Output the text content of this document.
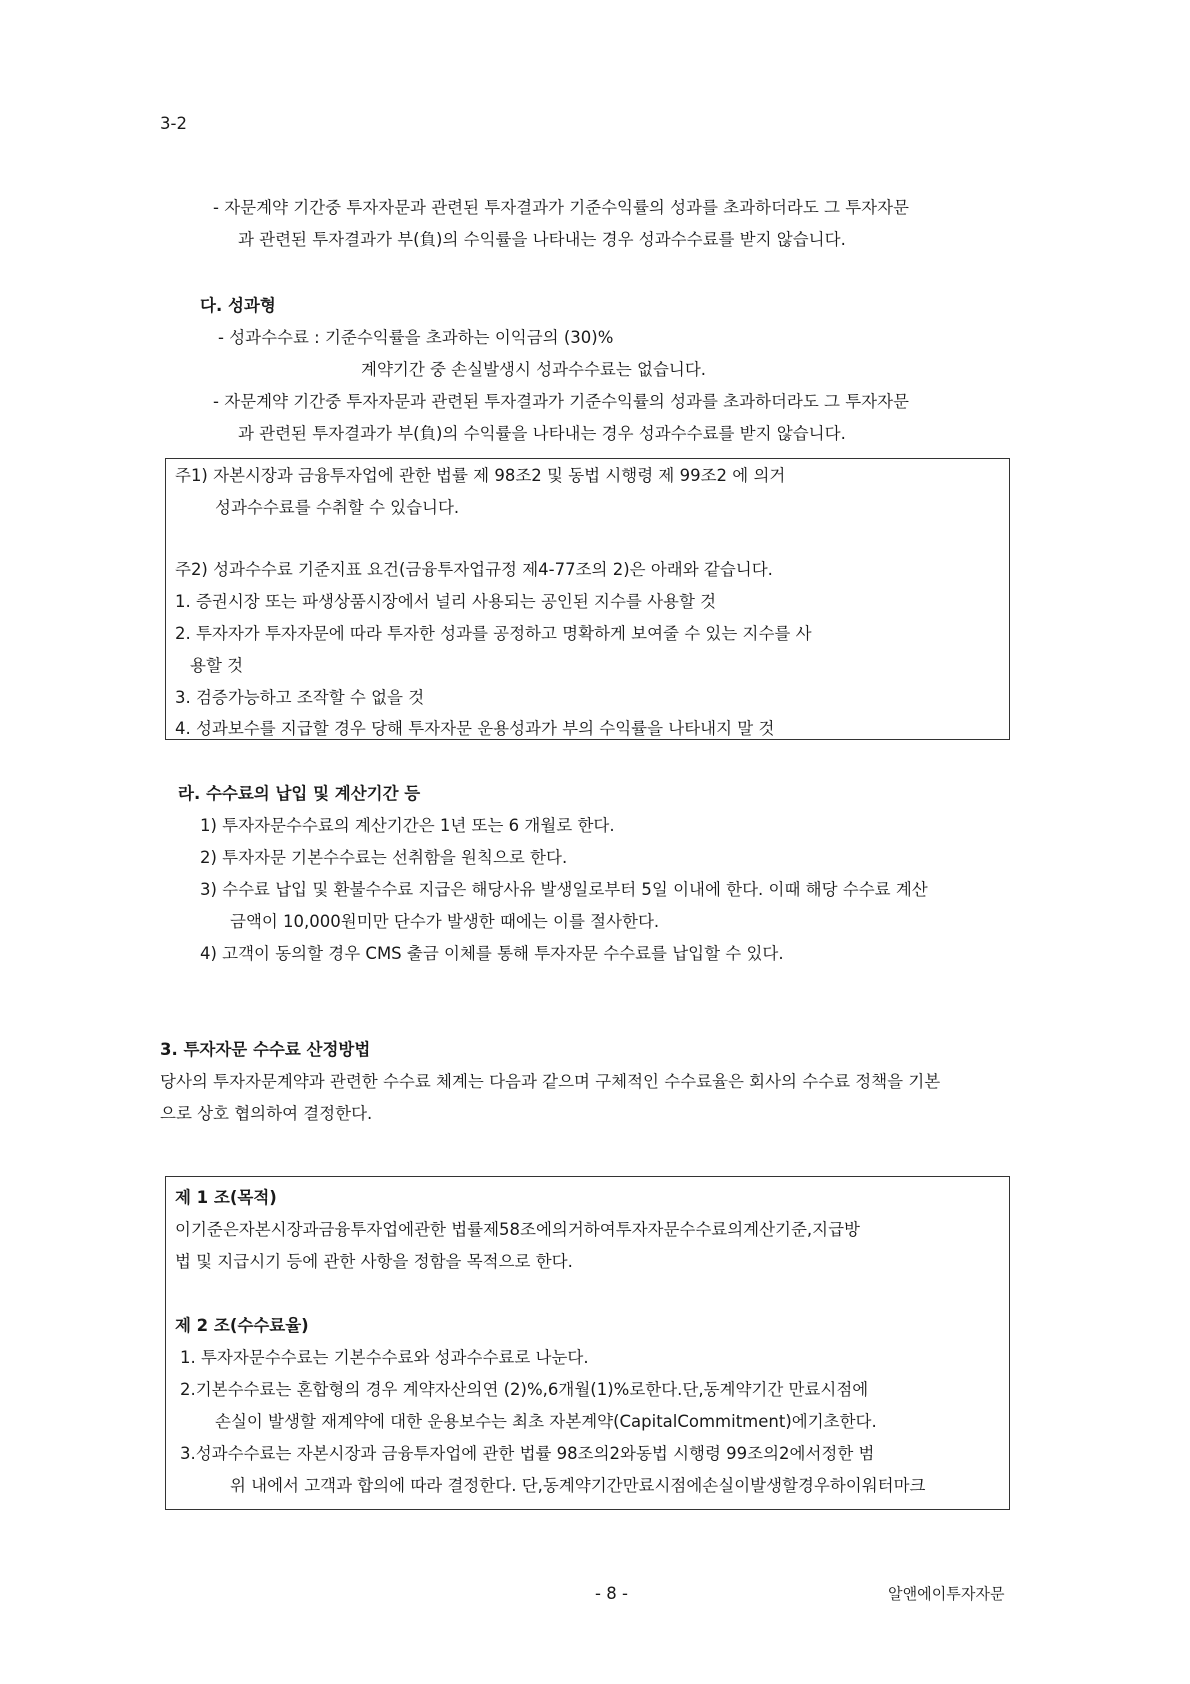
3-2
- 자문계약 기간중 투자자문과 관련된 투자결과가 기준수익률의 성과를 초과하더라도 그 투자자문
과 관련된 투자결과가 부(負)의 수익률을 나타내는 경우 성과수수료를 받지 않습니다.
다. 성과형
- 성과수수료 : 기준수익률을 초과하는 이익금의 (30)%
계약기간 중 손실발생시 성과수수료는 없습니다.
- 자문계약 기간중 투자자문과 관련된 투자결과가 기준수익률의 성과를 초과하더라도 그 투자자문
과 관련된 투자결과가 부(負)의 수익률을 나타내는 경우 성과수수료를 받지 않습니다.
주1) 자본시장과 금융투자업에 관한 법률 제 98조2 및 동법 시행령 제 99조2 에 의거
성과수수료를 수취할 수 있습니다.
주2) 성과수수료 기준지표 요건(금융투자업규정 제4-77조의 2)은 아래와 같습니다.
1. 증권시장 또는 파생상품시장에서 널리 사용되는 공인된 지수를 사용할 것
2. 투자자가 투자자문에 따라 투자한 성과를 공정하고 명확하게 보여줄 수 있는 지수를 사
용할 것
3. 검증가능하고 조작할 수 없을 것
4. 성과보수를 지급할 경우 당해 투자자문 운용성과가 부의 수익률을 나타내지 말 것
라. 수수료의 납입 및 계산기간 등
1) 투자자문수수료의 계산기간은 1년 또는 6 개월로 한다.
2) 투자자문 기본수수료는 선취함을 원칙으로 한다.
3) 수수료 납입 및 환불수수료 지급은 해당사유 발생일로부터 5일 이내에 한다. 이때 해당 수수료 계산
금액이 10,000원미만 단수가 발생한 때에는 이를 절사한다.
4) 고객이 동의할 경우 CMS 출금 이체를 통해 투자자문 수수료를 납입할 수 있다.
3. 투자자문 수수료 산정방법
당사의 투자자문계약과 관련한 수수료 체계는 다음과 같으며 구체적인 수수료율은 회사의 수수료 정책을 기본
으로 상호 협의하여 결정한다.
제 1 조(목적)
이기준은자본시장과금융투자업에관한 법률제58조에의거하여투자자문수수료의계산기준,지급방
법 및 지급시기 등에 관한 사항을 정함을 목적으로 한다.
제 2 조(수수료율)
1. 투자자문수수료는 기본수수료와 성과수수료로 나눈다.
2.기본수수료는 혼합형의 경우 계약자산의연 (2)%,6개월(1)%로한다.단,동계약기간 만료시점에
손실이 발생할 재계약에 대한 운용보수는 최초 자본계약(CapitalCommitment)에기초한다.
3.성과수수료는 자본시장과 금융투자업에 관한 법률 98조의2와동법 시행령 99조의2에서정한 범
위 내에서 고객과 합의에 따라 결정한다. 단,동계약기간만료시점에손실이발생할경우하이워터마크
- 8 -	알앤에이투자자문
